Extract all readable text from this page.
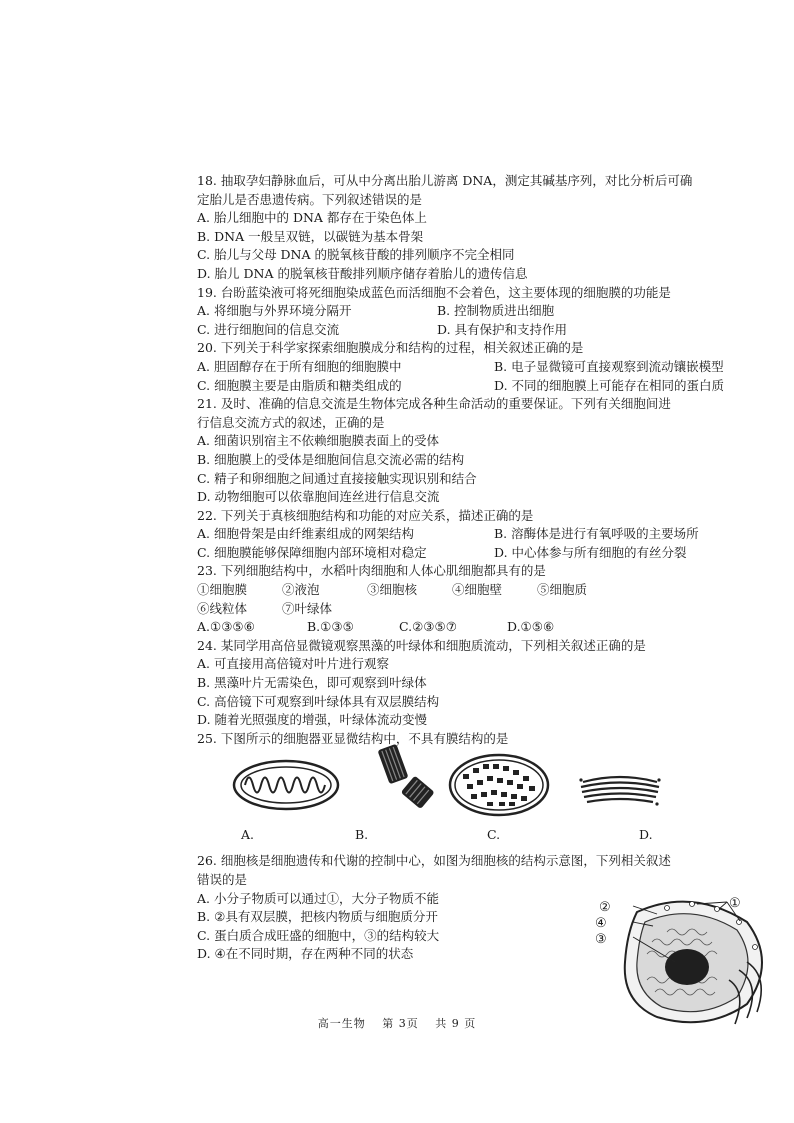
18. 抽取孕妇静脉血后，可从中分离出胎儿游离 DNA，测定其碱基序列，对比分析后可确
定胎儿是否患遗传病。下列叙述错误的是
A. 胎儿细胞中的 DNA 都存在于染色体上
B. DNA 一般呈双链，以碳链为基本骨架
C. 胎儿与父母 DNA 的脱氧核苷酸的排列顺序不完全相同
D. 胎儿 DNA 的脱氧核苷酸排列顺序储存着胎儿的遗传信息
19. 台盼蓝染液可将死细胞染成蓝色而活细胞不会着色，这主要体现的细胞膜的功能是
A. 将细胞与外界环境分隔开	B. 控制物质进出细胞
C. 进行细胞间的信息交流	D. 具有保护和支持作用
20. 下列关于科学家探索细胞膜成分和结构的过程，相关叙述正确的是
A. 胆固醇存在于所有细胞的细胞膜中	B. 电子显微镜可直接观察到流动镶嵌模型
C. 细胞膜主要是由脂质和糖类组成的	D. 不同的细胞膜上可能存在相同的蛋白质
21. 及时、准确的信息交流是生物体完成各种生命活动的重要保证。下列有关细胞间进
行信息交流方式的叙述，正确的是
A. 细菌识别宿主不依赖细胞膜表面上的受体
B. 细胞膜上的受体是细胞间信息交流必需的结构
C. 精子和卵细胞之间通过直接接触实现识别和结合
D. 动物细胞可以依靠胞间连丝进行信息交流
22. 下列关于真核细胞结构和功能的对应关系，描述正确的是
A. 细胞骨架是由纤维素组成的网架结构	B. 溶酶体是进行有氧呼吸的主要场所
C. 细胞膜能够保障细胞内部环境相对稳定	D. 中心体参与所有细胞的有丝分裂
23. 下列细胞结构中，水稻叶肉细胞和人体心肌细胞都具有的是
①细胞膜	②液泡	③细胞核	④细胞壁	⑤细胞质
⑥线粒体	⑦叶绿体
A.①③⑤⑥	B.①③⑤	C.②③⑤⑦	D.①⑤⑥
24. 某同学用高倍显微镜观察黑藻的叶绿体和细胞质流动，下列相关叙述正确的是
A. 可直接用高倍镜对叶片进行观察
B. 黑藻叶片无需染色，即可观察到叶绿体
C. 高倍镜下可观察到叶绿体具有双层膜结构
D. 随着光照强度的增强，叶绿体流动变慢
25. 下图所示的细胞器亚显微结构中，不具有膜结构的是
A.	B.	C.	D.
26. 细胞核是细胞遗传和代谢的控制中心，如图为细胞核的结构示意图，下列相关叙述
错误的是
A. 小分子物质可以通过①，大分子物质不能
B. ②具有双层膜，把核内物质与细胞质分开
C. 蛋白质合成旺盛的细胞中，③的结构较大
D. ④在不同时期，存在两种不同的状态
①
②
④
③
高一生物 第 3页 共 9 页
